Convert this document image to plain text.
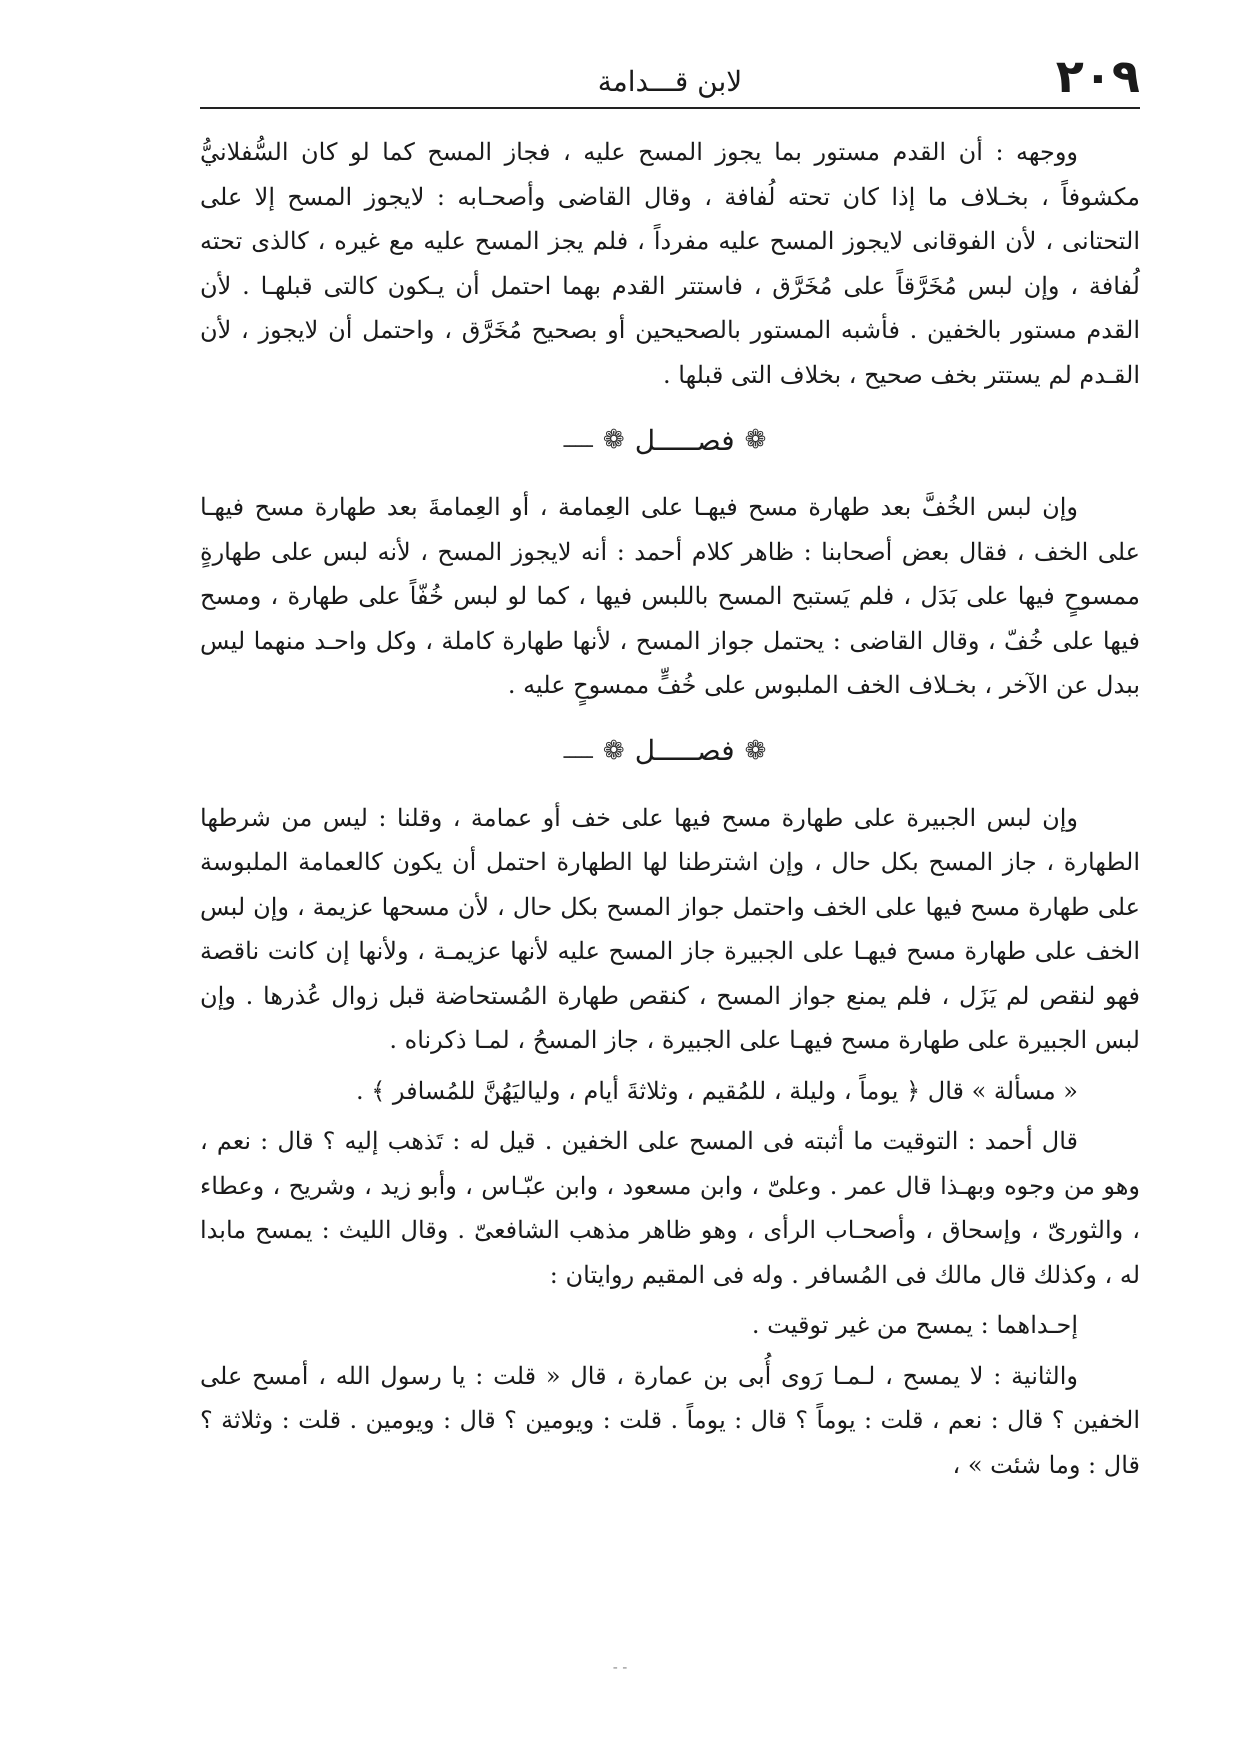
٢٠٩
لابن قـــدامة

ووجهه : أن القدم مستور بما يجوز المسح عليه ، فجاز المسح كما لو كان السُّفلانيُّ مكشوفاً ، بخـلاف ما إذا كان تحته لُفافة ، وقال القاضى وأصحـابه : لايجوز المسح إلا على التحتانى ، لأن الفوقانى لايجوز المسح عليه مفرداً ، فلم يجز المسح عليه مع غيره ، كالذى تحته لُفافة ، وإن لبس مُخَرَّقاً على مُخَرَّق ، فاستتر القدم بهما احتمل أن يـكون كالتى قبلهـا . لأن القدم مستور بالخفين . فأشبه المستور بالصحيحين أو بصحيح مُخَرَّق ، واحتمل أن لايجوز ، لأن القـدم لم يستتر بخف صحيح ، بخلاف التى قبلها .

❁
فصـــــل
❁
ـــــ

وإن لبس الخُفَّ بعد طهارة مسح فيهـا على العِمامة ، أو العِمامةَ بعد طهارة مسح فيهـا على الخف ، فقال بعض أصحابنا : ظاهر كلام أحمد : أنه لايجوز المسح ، لأنه لبس على طهارةٍ ممسوحٍ فيها على بَدَل ، فلم يَستبح المسح باللبس فيها ، كما لو لبس خُفّاً على طهارة ، ومسح فيها على خُفّ ، وقال القاضى : يحتمل جواز المسح ، لأنها طهارة كاملة ، وكل واحـد منهما ليس ببدل عن الآخر ، بخـلاف الخف الملبوس على خُفٍّ ممسوحٍ عليه .

❁
فصـــــل
❁
ـــــ

وإن لبس الجبيرة على طهارة مسح فيها على خف أو عمامة ، وقلنا : ليس من شرطها الطهارة ، جاز المسح بكل حال ، وإن اشترطنا لها الطهارة احتمل أن يكون كالعمامة الملبوسة على طهارة مسح فيها على الخف واحتمل جواز المسح بكل حال ، لأن مسحها عزيمة ، وإن لبس الخف على طهارة مسح فيهـا على الجبيرة جاز المسح عليه لأنها عزيمـة ، ولأنها إن كانت ناقصة فهو لنقص لم يَزَل ، فلم يمنع جواز المسح ، كنقص طهارة المُستحاضة قبل زوال عُذرها . وإن لبس الجبيرة على طهارة مسح فيهـا على الجبيرة ، جاز المسحُ ، لمـا ذكرناه .

« مسألة » قال ﴿ يوماً ، وليلة ، للمُقيم ، وثلاثةَ أيام ، ولياليَهُنَّ للمُسافر ﴾ .

قال أحمد : التوقيت ما أثبته فى المسح على الخفين . قيل له : تَذهب إليه ؟ قال : نعم ، وهو من وجوه وبهـذا قال عمر . وعلىّ ، وابن مسعود ، وابن عبّـاس ، وأبو زيد ، وشريح ، وعطاء ، والثورىّ ، وإسحاق ، وأصحـاب الرأى ، وهو ظاهر مذهب الشافعىّ . وقال الليث : يمسح مابدا له ، وكذلك قال مالك فى المُسافر . وله فى المقيم روايتان :

إحـداهما : يمسح من غير توقيت .

والثانية : لا يمسح ، لـمـا رَوى أُبى بن عمارة ، قال « قلت : يا رسول الله ، أمسح على الخفين ؟ قال : نعم ، قلت : يوماً ؟ قال : يوماً . قلت : ويومين ؟ قال : ويومين . قلت : وثلاثة ؟ قال : وما شئت » ،

- -
